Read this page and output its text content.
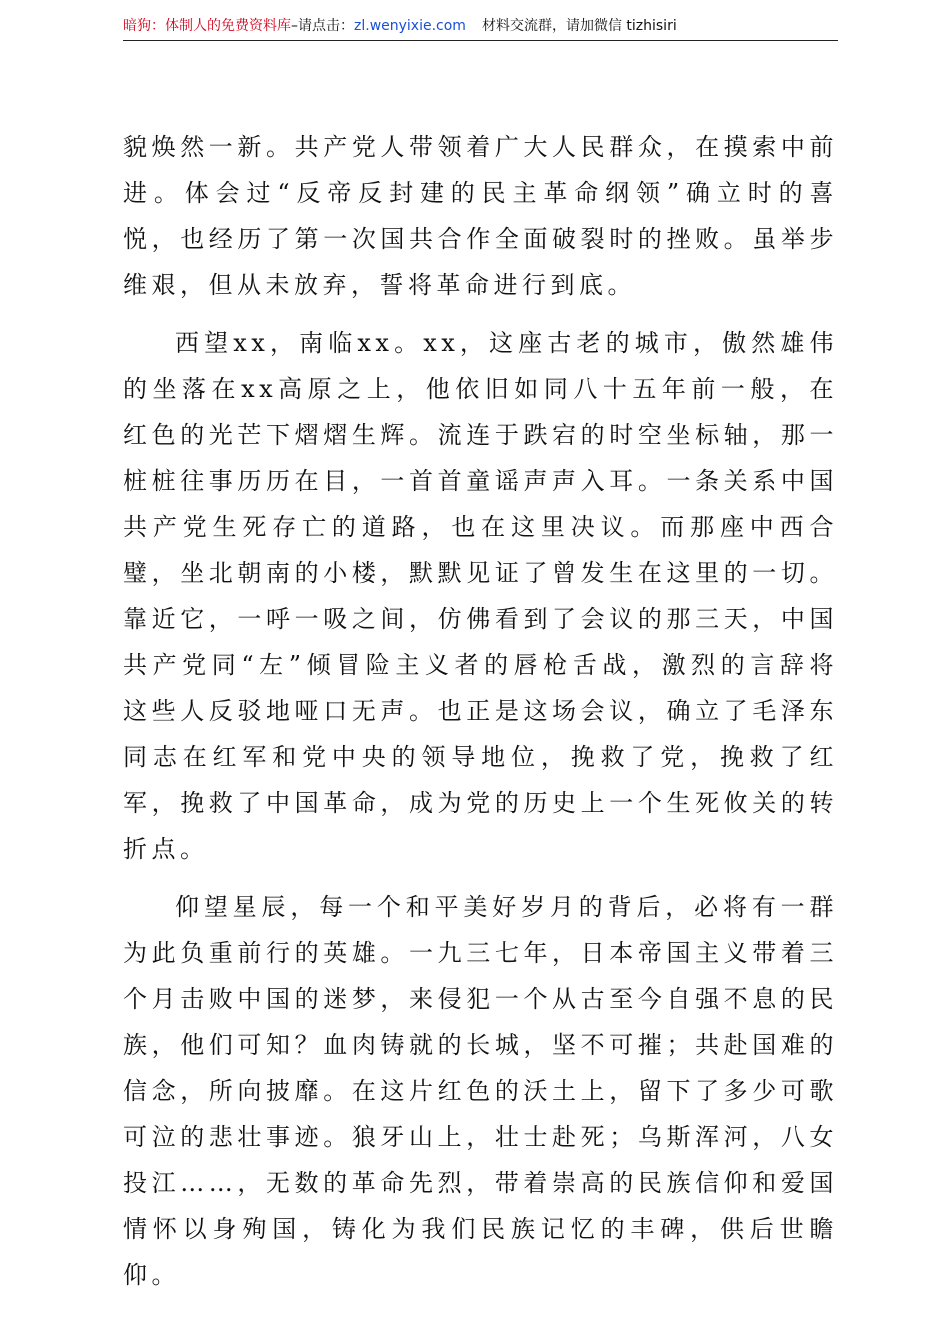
暗狗：体制人的免费资料库–请点击：zl.wenyixie.com 材料交流群，请加微信 tizhisiri

貌焕然一新。共产党人带领着广大人民群众，在摸索中前进。体会过“反帝反封建的民主革命纲领”确立时的喜悦，也经历了第一次国共合作全面破裂时的挫败。虽举步维艰，但从未放弃，誓将革命进行到底。

西望xx，南临xx。xx，这座古老的城市，傲然雄伟的坐落在xx高原之上，他依旧如同八十五年前一般，在红色的光芒下熠熠生辉。流连于跌宕的时空坐标轴，那一桩桩往事历历在目，一首首童谣声声入耳。一条关系中国共产党生死存亡的道路，也在这里决议。而那座中西合璧，坐北朝南的小楼，默默见证了曾发生在这里的一切。靠近它，一呼一吸之间，仿佛看到了会议的那三天，中国共产党同“左”倾冒险主义者的唇枪舌战，激烈的言辞将这些人反驳地哑口无声。也正是这场会议，确立了毛泽东同志在红军和党中央的领导地位，挽救了党，挽救了红军，挽救了中国革命，成为党的历史上一个生死攸关的转折点。

仰望星辰，每一个和平美好岁月的背后，必将有一群为此负重前行的英雄。一九三七年，日本帝国主义带着三个月击败中国的迷梦，来侵犯一个从古至今自强不息的民族，他们可知？血肉铸就的长城，坚不可摧；共赴国难的信念，所向披靡。在这片红色的沃土上，留下了多少可歌可泣的悲壮事迹。狼牙山上，壮士赴死；乌斯浑河，八女投江……，无数的革命先烈，带着崇高的民族信仰和爱国情怀以身殉国，铸化为我们民族记忆的丰碑，供后世瞻仰。
